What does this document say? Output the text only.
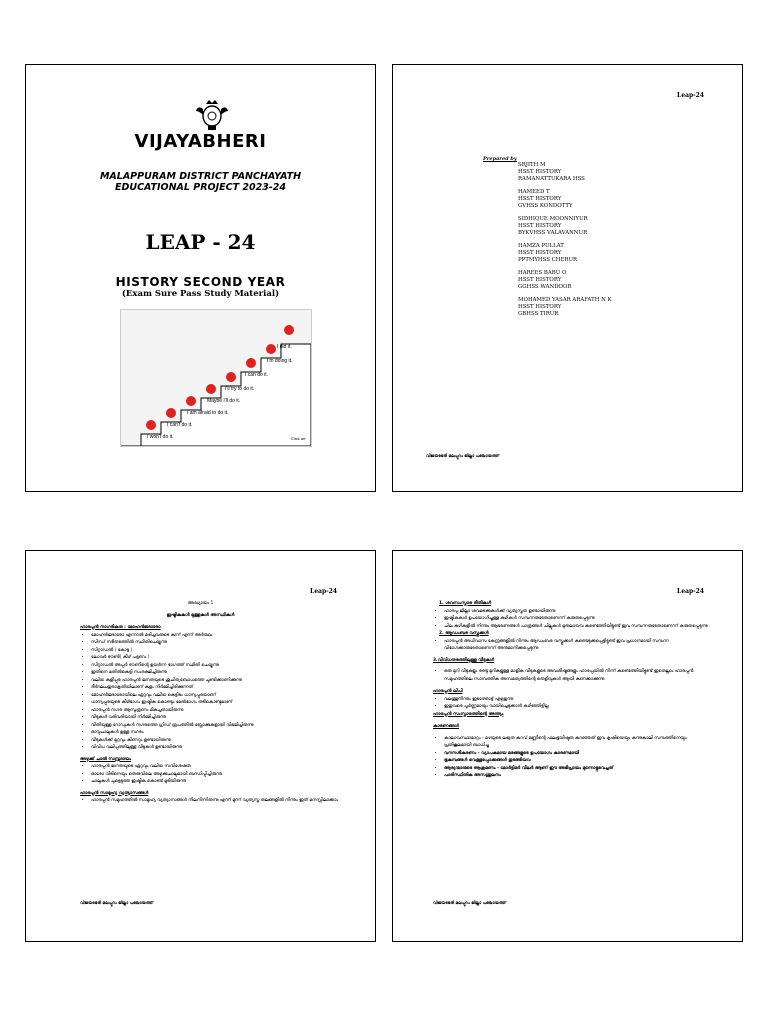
VIJAYABHERI
MALAPPURAM DISTRICT PANCHAYATH
EDUCATIONAL PROJECT 2023-24
LEAP - 24
HISTORY SECOND YEAR
(Exam Sure Pass Study Material)
I did it.
I'm doing it.
I can do it.
I'll try to do it.
Maybe I'll do it.
I am afraid to do it.
I can't do it.
I won't do it.	Click art
Leap-24
Prepared by
SRJITH M
HSST HISTORY
RAMANATTUKARA HSS
HAMEED T
HSST HISTORY
GVHSS KONDOTTY
SIDHIQUE MOONNIYUR
HSST HISTORY
BYKVHSS VALAVANNUR
HAMZA PULLAT
HSST HISTORY
PPTMYHSS CHERUR
HAREES BABU O
HSST HISTORY
GGHSS WANDOOR
MOHAMED YASAR ARAFATH N K
HSST HISTORY
GBHSS TIRUR
വിജയഭേരി മലപ്പുറം ജില്ലാ പഞ്ചായത്ത്
Leap-24
അദ്ധ്യായം 1
ഇഷ്ടികകൾ മുത്തുകൾ അസ്ഥികൾ
ഹാരപ്പൻ നാഗരികത : മോഹൻജദാരോ
• മോഹൻജദാരോ എന്നാൽ മരിച്ചവരുടെ കുന്ന് എന്ന് അർത്ഥം
• സിന്ധ് നദീതടത്തിൽ സ്ഥിതിചെയ്യുന്നു
• സിറ്റാഡൽ ( കോട്ട )
• ലോവർ ടൗൺ( കീഴ് പട്ടണം )
• സിറ്റാഡൽ അപ്പർ ടൗണിന്റെ ഉയർന്ന ഭാഗത്ത് സ്ഥിതി ചെയ്യുന്നു
• ഇതിനെ മതിൽകെട്ടി സംരക്ഷിച്ചിരുന്നു
• വലിയ കുളിപ്പുര ഹാരപ്പൻ ജനതയുടെ ശുചിത്വബോധത്തെ ചൂണ്ടിക്കാണിക്കുന്നു
• ദീർഘചതുരാകൃതിയിലാണ് കുളം നിർമ്മിച്ചിരിക്കുന്നത്
• മോഹൻജദാരോയിലെ ഏറ്റവും വലിയ കെട്ടിടം ധാന്യപ്പുരയാണ്
• ധാന്യപ്പുരയുടെ കീഴ്ഭാഗം ഇഷ്ടിക കൊണ്ടും മേൽഭാഗം തടികൊണ്ടുമാണ്
• ഹാരപ്പൻ നഗര ആസൂത്രണം മികച്ചതായിരുന്നു
• വീടുകൾ വരിവരിയായി നിർമ്മിച്ചിരുന്നു
• വീതിയുള്ള റോഡുകൾ നഗരത്തെ ഗ്രിഡ് രൂപത്തിൽ ബ്ലോക്കുകളായി വിഭജിച്ചിരുന്നു
• ഓവുചാലുകൾ ഉള്ള നഗരം
• വീടുകൾക്ക് മുറ്റവും കിണറും ഉണ്ടായിരുന്നു
• വിവിധ വലിപ്പത്തിലുള്ള വീടുകൾ ഉണ്ടായിരുന്നു
അഴുക്ക് ചാൽ സമ്പ്രദായം
• ഹാരപ്പൻ ജനതയുടെ ഏറ്റവും വലിയ സവിശേഷത
• ഓരോ വീടിനെയും തെരുവിലെ അഴുക്കുചാലുമായി ബന്ധിപ്പിച്ചിരുന്നു
• ചാലുകൾ ചുട്ടെടുത്ത ഇഷ്ടിക കൊണ്ട് മൂടിയിരുന്നു
ഹാരപ്പൻ സാമൂഹ്യ വ്യത്യാസങ്ങൾ
• ഹാരപ്പൻ സമൂഹത്തിൽ സാമൂഹ്യ വ്യത്യാസങ്ങൾ നിലനിന്നിരുന്നു എന്ന് മൂന്ന് വ്യത്യസ്ത തലങ്ങളിൽ നിന്നും ഇത് മനസ്സിലാക്കാം
വിജയഭേരി മലപ്പുറം ജില്ലാ പഞ്ചായത്ത്
Leap-24
1. ശവസംസ്കാര രീതികൾ
• ഹാരപ്പ ജില്ലാ ശവമടക്കുകൾക്ക് വ്യത്യസ്തത ഉണ്ടായിരുന്നു
• ഇഷ്ടികകൾ ഉപയോഗിച്ചുള്ള കുഴികൾ സമ്പന്നരുടേതാണെന്ന് കരുതപ്പെടുന്നു
• ചില കുഴികളിൽ നിന്നും ആഭരണങ്ങൾ പാത്രങ്ങൾ ചില്ലുകൾ മുതലായവ കണ്ടെത്തിയിട്ടുണ്ട് ഇവ സമ്പന്നരുടേതാണെന്ന് കരുതപ്പെടുന്നു
2. ആഡംബര വസ്തുക്കൾ
• ഹാരപ്പൻ അധിവാസ കേന്ദ്രങ്ങളിൽ നിന്നും ആഡംബര വസ്തുക്കൾ കണ്ടെടുക്കപ്പെട്ടിട്ടുണ്ട് ഇവ പ്രധാനമായി സമ്പന്ന വിഭാഗക്കാരുടേതാണെന്ന് അനുമാനിക്കപ്പെടുന്നു
3.വിവിധതരത്തിലുള്ള വീടുകൾ
• ഒരു മുറി വീടുകളും രണ്ടു മുറികളുള്ള മാളിക വീടുകളുടെ അവശിഷ്ടങ്ങളും ഹാരപ്പയിൽ നിന്ന് കണ്ടെത്തിയിട്ടുണ്ട് ഇതെല്ലാം ഹാരപ്പൻ സമൂഹത്തിലെ സാമ്പത്തിക അസമത്വത്തിന്റെ തെളിവുകൾ ആയി കണക്കാക്കുന്നു
ഹാരപ്പൻ ലിപി
• വലത്തുനിന്നും ഇടത്തോട്ട് എഴുതുന്നു
• ഇതുവരെ പൂർണ്ണമായും വായിച്ചെടുക്കാൻ കഴിഞ്ഞിട്ടില്ല
ഹാരപ്പൻ സംസ്കാരത്തിന്റെ അന്ത്യം
കാരണങ്ങൾ
• കാലാവസ്ഥാമാറ്റം - മഴയുടെ ലഭ്യത കുറവ് മണ്ണിന്റെ ഫലഭൂയിഷ്ഠത കുറഞ്ഞത് ഇവ കൃഷിയെയും കന്നുകാലി സമ്പത്തിനെയും പ്രതികൂലമായി ബാധിച്ചു
• വനനശീകരണം - വ്യാപകമായ മരങ്ങളുടെ ഉപയോഗം കാരണമായി
• ഭൂകമ്പങ്ങൾ വെള്ളപ്പൊക്കങ്ങൾ തുടങ്ങിയവ
• ആര്യന്മാരുടെ ആക്രമണം - മോർട്ടിമർ വീലർ ആണ് ഈ അഭിപ്രായം മുന്നോട്ടുവെച്ചത്
• പാരിസ്ഥിതിക അസന്തുലനം
വിജയഭേരി മലപ്പുറം ജില്ലാ പഞ്ചായത്ത്
